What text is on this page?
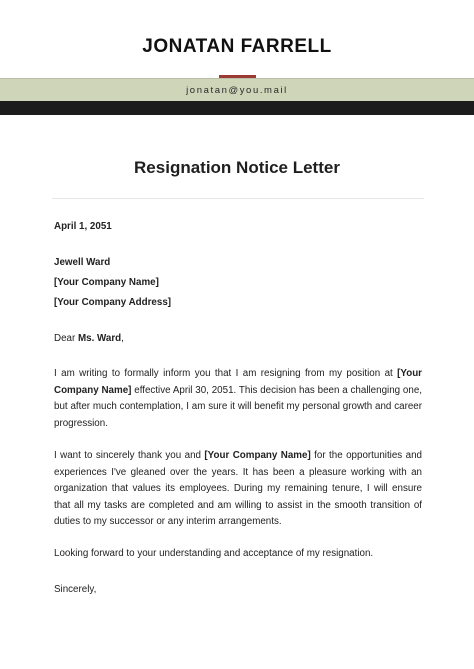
JONATAN FARRELL
jonatan@you.mail
Resignation Notice Letter
April 1, 2051
Jewell Ward
[Your Company Name]
[Your Company Address]
Dear Ms. Ward,
I am writing to formally inform you that I am resigning from my position at [Your Company Name] effective April 30, 2051. This decision has been a challenging one, but after much contemplation, I am sure it will benefit my personal growth and career progression.
I want to sincerely thank you and [Your Company Name] for the opportunities and experiences I've gleaned over the years. It has been a pleasure working with an organization that values its employees. During my remaining tenure, I will ensure that all my tasks are completed and am willing to assist in the smooth transition of duties to my successor or any interim arrangements.
Looking forward to your understanding and acceptance of my resignation.
Sincerely,
